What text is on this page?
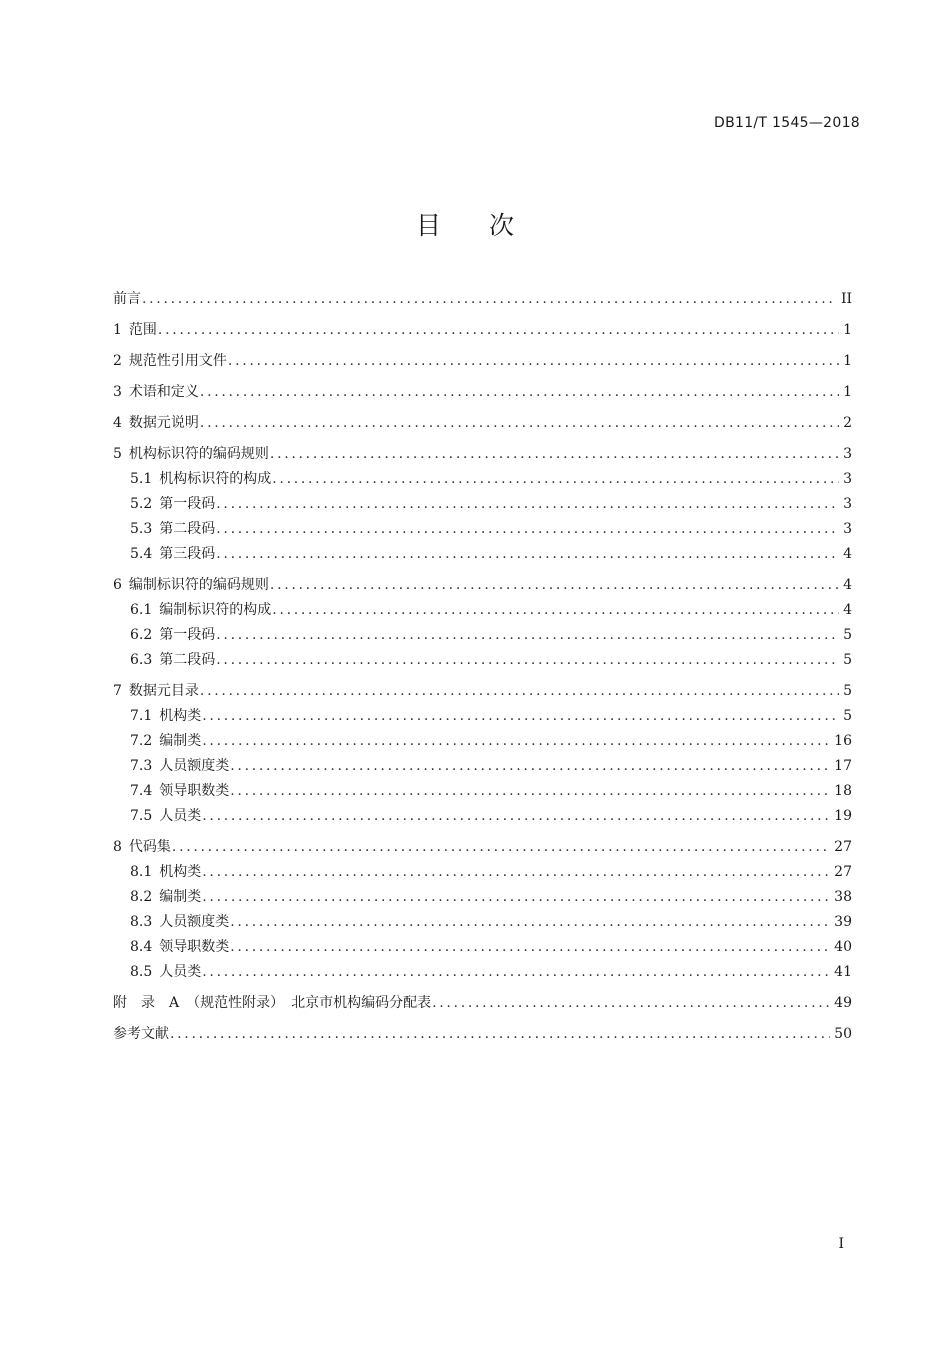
DB11/T 1545—2018
目 次
前言 .....	II
1 范围 .....	1
2 规范性引用文件 .....	1
3 术语和定义 .....	1
4 数据元说明 .....	2
5 机构标识符的编码规则 .....	3
5.1 机构标识符的构成 .....	3
5.2 第一段码 .....	3
5.3 第二段码 .....	3
5.4 第三段码 .....	4
6 编制标识符的编码规则 .....	4
6.1 编制标识符的构成 .....	4
6.2 第一段码 .....	5
6.3 第二段码 .....	5
7 数据元目录 .....	5
7.1 机构类 .....	5
7.2 编制类 .....	16
7.3 人员额度类 .....	17
7.4 领导职数类 .....	18
7.5 人员类 .....	19
8 代码集 .....	27
8.1 机构类 .....	27
8.2 编制类 .....	38
8.3 人员额度类 .....	39
8.4 领导职数类 .....	40
8.5 人员类 .....	41
附　录　A　（规范性附录）　北京市机构编码分配表 .....	49
参考文献 .....	50
I
